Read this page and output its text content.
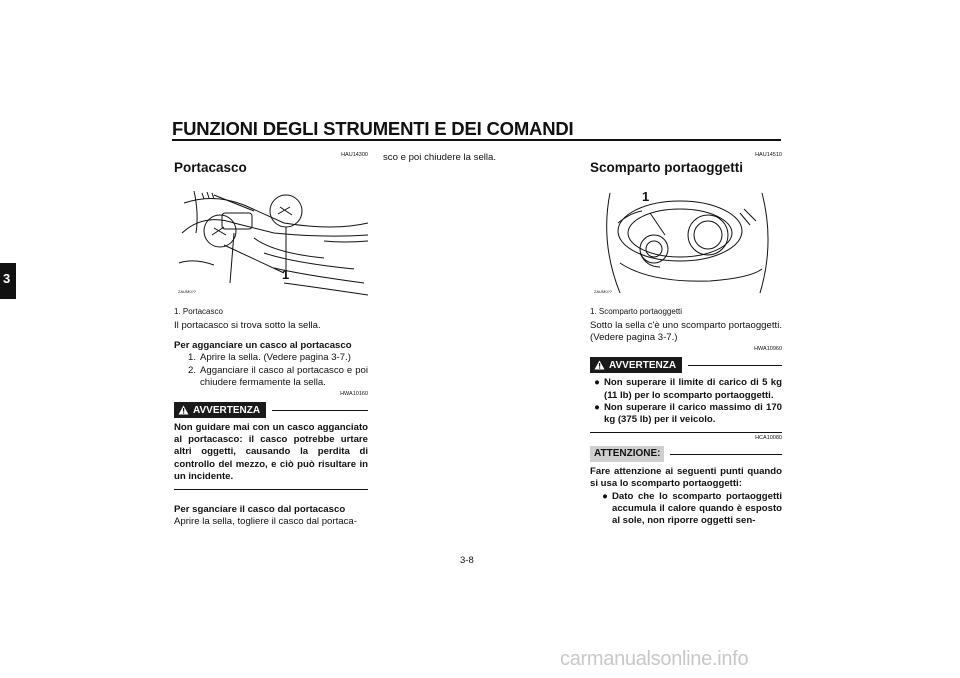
FUNZIONI DEGLI STRUMENTI E DEI COMANDI
3
HAU14300
Portacasco
1
ZAUM0??
1. Portacasco

Il portacasco si trova sotto la sella.

Per agganciare un casco al portacasco

1. Aprire la sella. (Vedere pagina 3-7.)
2. Agganciare il casco al portacasco e poi chiudere fermamente la sella.
HWA10160
AVVERTENZA

Non guidare mai con un casco agganciato al portacasco: il casco potrebbe urtare altri oggetti, causando la perdita di controllo del mezzo, e ciò può risultare in un incidente.

Per sganciare il casco dal portacasco

Aprire la sella, togliere il casco dal portaca-

sco e poi chiudere la sella.	HAU14510
Scomparto portaoggetti
1
ZAUM0??
1. Scomparto portaoggetti

Sotto la sella c'è uno scomparto portaoggetti. (Vedere pagina 3-7.)

HWA10960
AVVERTENZA
● Non superare il limite di carico di 5 kg (11 lb) per lo scomparto portaoggetti.
● Non superare il carico massimo di 170 kg (375 lb) per il veicolo.
HCA10080
ATTENZIONE:

Fare attenzione ai seguenti punti quando si usa lo scomparto portaoggetti:

● Dato che lo scomparto portaoggetti accumula il calore quando è esposto al sole, non riporre oggetti sen-
3-8
carmanualsonline.info
